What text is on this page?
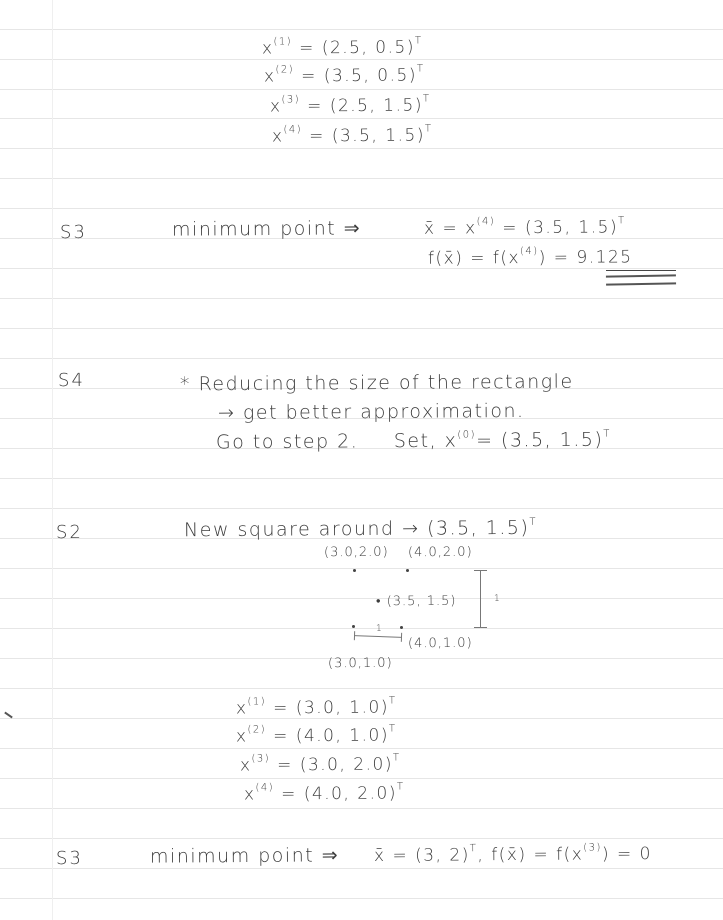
$x^{(1)} = (2.5$, 0.5)$^T$
$x^{(2)} = (3.5$, 0.5)$^T$
$x^{(3)} = (2.5$, 1.5)$^T$
$x^{(4)} = (3.5$, 1.5)$^T$
S3	minimum point ⇒	x̄ = $x^{(4)} = (3.5$, 1.5)$^T$
f(x̄) = $f(x^{(4)}) = 9.125$
S4	* Reducing the size of the rectangle
→ get better approximation.
Go to step 2. Set, $x^{(0)}= (3.5$, 1.5)$^T$
S2	New square around → (3.5, 1.5)$^T$
(3.0,2.0) (4.0,2.0)
• (3.5, 1.5)
1
1
(4.0,1.0)
(3.0,1.0)
$x^{(1)} = (3.0$, 1.0)$^T$
$x^{(2)} = (4.0$, 1.0)$^T$
$x^{(3)} = (3.0$, 2.0)$^T$
$x^{(4)} = (4.0$, 2.0)$^T$
S3	minimum point ⇒ x̄ = (3, 2)$^T$, f(x̄) = $f(x^{(3)}) = 0$
